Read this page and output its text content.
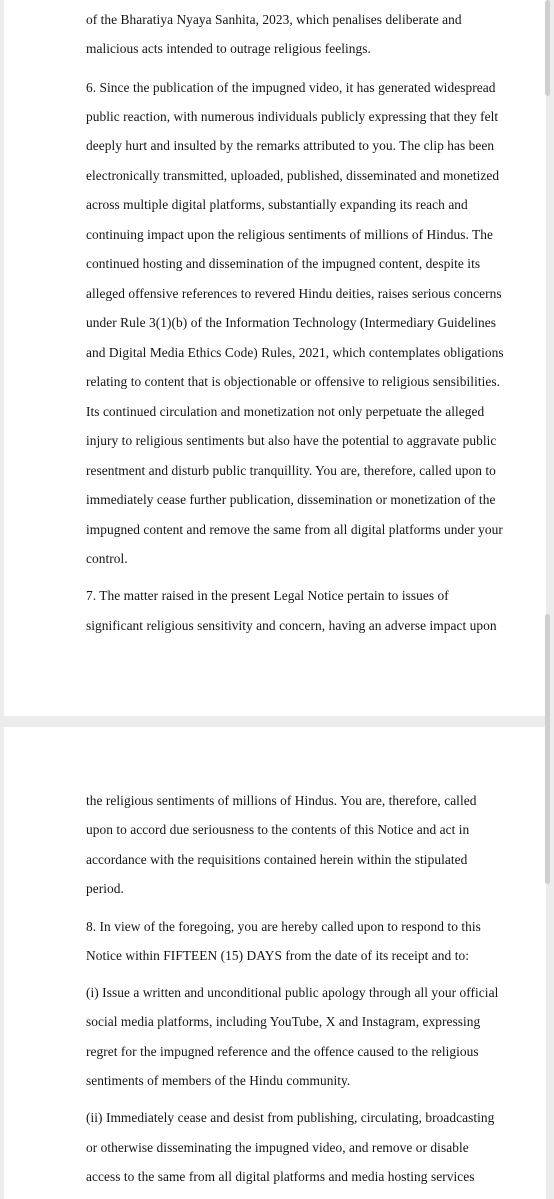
of the Bharatiya Nyaya Sanhita, 2023, which penalises deliberate and

malicious acts intended to outrage religious feelings.

6. Since the publication of the impugned video, it has generated widespread

public reaction, with numerous individuals publicly expressing that they felt

deeply hurt and insulted by the remarks attributed to you. The clip has been

electronically transmitted, uploaded, published, disseminated and monetized

across multiple digital platforms, substantially expanding its reach and

continuing impact upon the religious sentiments of millions of Hindus. The

continued hosting and dissemination of the impugned content, despite its

alleged offensive references to revered Hindu deities, raises serious concerns

under Rule 3(1)(b) of the Information Technology (Intermediary Guidelines

and Digital Media Ethics Code) Rules, 2021, which contemplates obligations

relating to content that is objectionable or offensive to religious sensibilities.

Its continued circulation and monetization not only perpetuate the alleged

injury to religious sentiments but also have the potential to aggravate public

resentment and disturb public tranquillity. You are, therefore, called upon to

immediately cease further publication, dissemination or monetization of the

impugned content and remove the same from all digital platforms under your

control.

7. The matter raised in the present Legal Notice pertain to issues of

significant religious sensitivity and concern, having an adverse impact upon

the religious sentiments of millions of Hindus. You are, therefore, called

upon to accord due seriousness to the contents of this Notice and act in

accordance with the requisitions contained herein within the stipulated

period.

8. In view of the foregoing, you are hereby called upon to respond to this

Notice within FIFTEEN (15) DAYS from the date of its receipt and to:

(i) Issue a written and unconditional public apology through all your official

social media platforms, including YouTube, X and Instagram, expressing

regret for the impugned reference and the offence caused to the religious

sentiments of members of the Hindu community.

(ii) Immediately cease and desist from publishing, circulating, broadcasting

or otherwise disseminating the impugned video, and remove or disable

access to the same from all digital platforms and media hosting services
